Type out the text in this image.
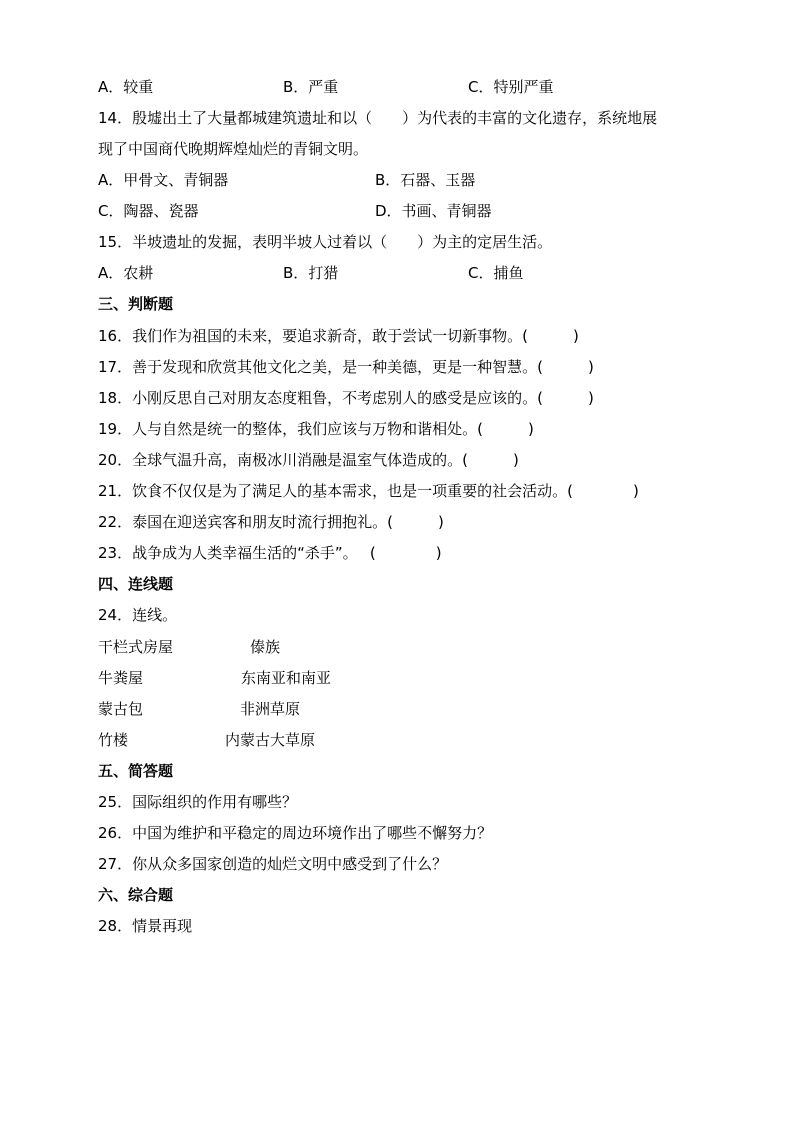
A．较重	B．严重	C．特别严重
14．殷墟出土了大量都城建筑遗址和以（　　）为代表的丰富的文化遗存，系统地展
现了中国商代晚期辉煌灿烂的青铜文明。
A．甲骨文、青铜器	B．石器、玉器
C．陶器、瓷器	D．书画、青铜器
15．半坡遗址的发掘，表明半坡人过着以（　　）为主的定居生活。
A．农耕	B．打猎	C．捕鱼
三、判断题
16．我们作为祖国的未来，要追求新奇，敢于尝试一切新事物。(　　　)
17．善于发现和欣赏其他文化之美，是一种美德，更是一种智慧。(　　　)
18．小刚反思自己对朋友态度粗鲁，不考虑别人的感受是应该的。(　　　)
19．人与自然是统一的整体，我们应该与万物和谐相处。(　　　)
20．全球气温升高，南极冰川消融是温室气体造成的。(　　　)
21．饮食不仅仅是为了满足人的基本需求，也是一项重要的社会活动。(　　　　)
22．泰国在迎送宾客和朋友时流行拥抱礼。(　　　)
23．战争成为人类幸福生活的“杀手”。　 (　　　　)
四、连线题
24．连线。
干栏式房屋	傣族
牛粪屋	东南亚和南亚
蒙古包	非洲草原
竹楼	内蒙古大草原
五、简答题
25．国际组织的作用有哪些？
26．中国为维护和平稳定的周边环境作出了哪些不懈努力？
27．你从众多国家创造的灿烂文明中感受到了什么？
六、综合题
28．情景再现
